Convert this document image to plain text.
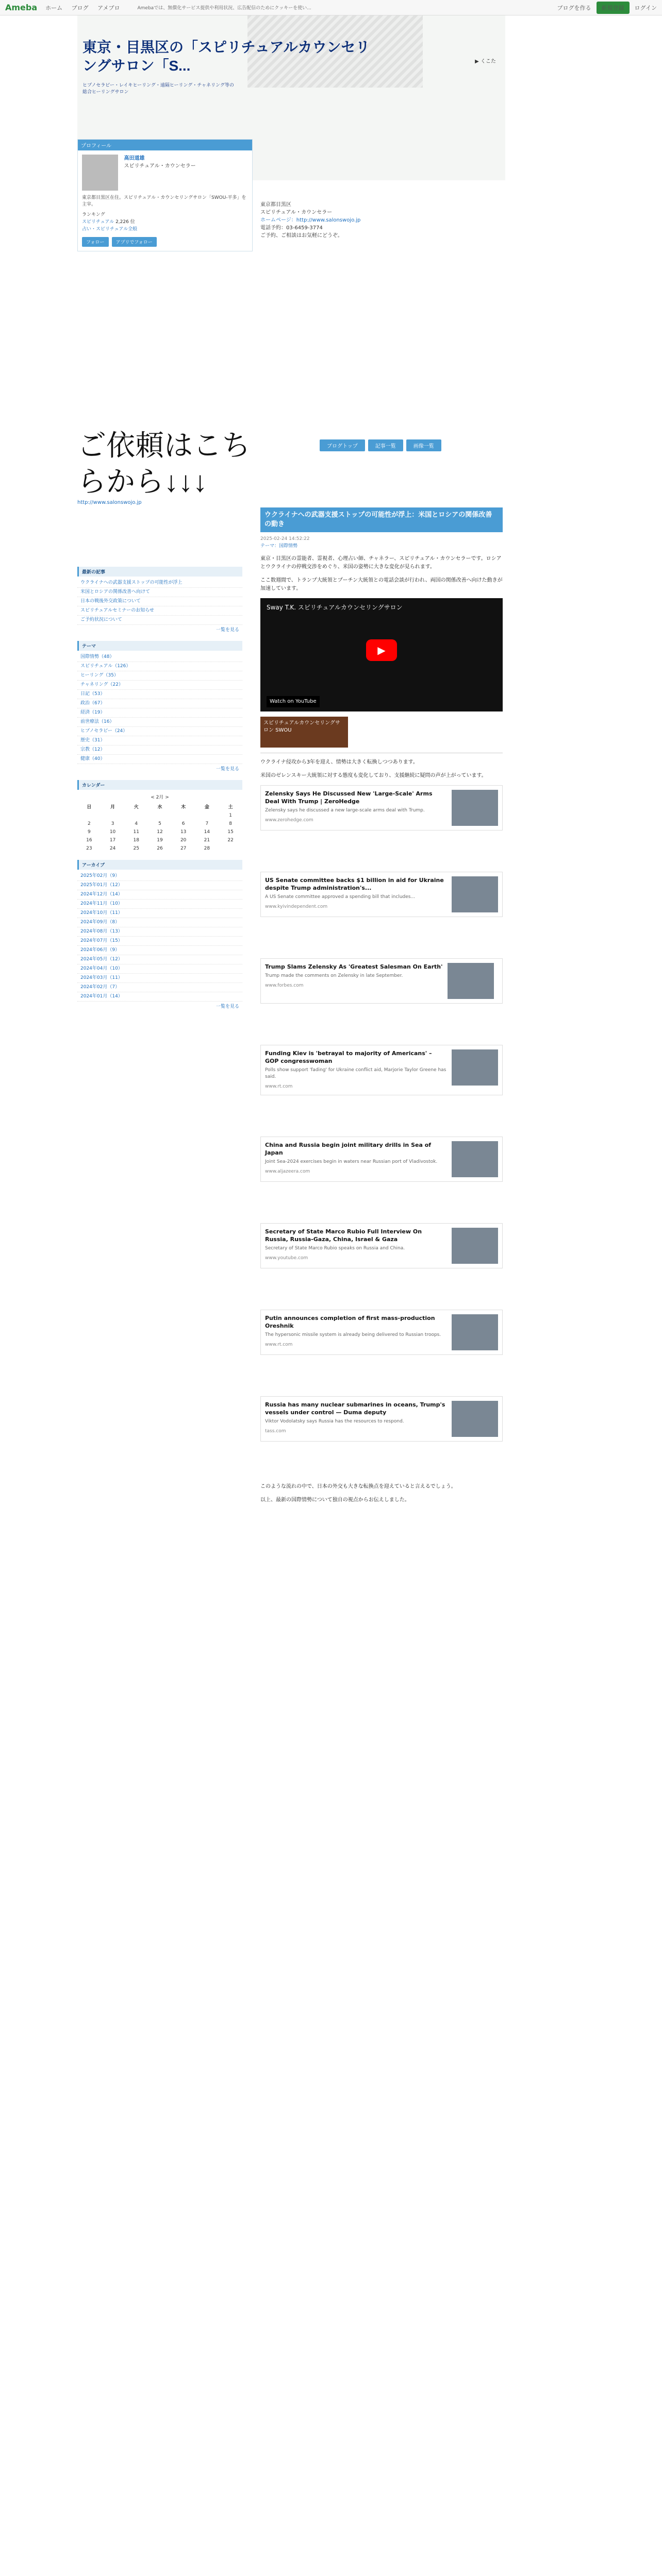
Ameba ホーム ブログ アメブロ	Amebaでは、無償化サービス提供や利用状況、広告配信のためにクッキーを使い...	ブログを作る	新規登録	ログイン
東京・目黒区の「スピリチュアルカウンセリングサロン「S...
ヒプノセラピー・レイキヒーリング・遠隔ヒーリング・チャネリング等の総合ヒーリングサロン
▶ くこた
プロフィール

高田道雄
スピリチュアル・カウンセラー
東京都目黒区在住。スピリチュアル・カウンセリングサロン「SWOU-平多」を主宰。
ランキング
スピリチュアル 2,226 位
占い・スピリチュアル全般
フォロー	アプリでフォロー
東京都目黒区
スピリチュアル・カウンセラー
ホームページ：http://www.salonswojo.jp
電話予約：03-6459-3774
ご予約、ご相談はお気軽にどうぞ。
ご依頼はこちらから↓↓↓
http://www.salonswojo.jp
ブログトップ	記事一覧	画像一覧
最新の記事
ウクライナへの武器支援ストップの可能性が浮上
米国とロシアの関係改善へ向けて
日本の戦後外交政策について
スピリチュアルセミナーのお知らせ
ご予約状況について
一覧を見る
テーマ
国際情勢（48）
スピリチュアル（126）
ヒーリング（35）
チャネリング（22）
日記（53）
政治（67）
経済（19）
前世療法（16）
ヒプノセラピー（24）
歴史（31）
宗教（12）
健康（40）
一覧を見る
カレンダー
< 2月 >
日	月	火	水	木	金	土
						1
2	3	4	5	6	7	8
9	10	11	12	13	14	15
16	17	18	19	20	21	22
23	24	25	26	27	28	
アーカイブ
2025年02月（9）
2025年01月（12）
2024年12月（14）
2024年11月（10）
2024年10月（11）
2024年09月（8）
2024年08月（13）
2024年07月（15）
2024年06月（9）
2024年05月（12）
2024年04月（10）
2024年03月（11）
2024年02月（7）
2024年01月（14）
一覧を見る
ウクライナへの武器支援ストップの可能性が浮上：米国とロシアの関係改善の動き
2025-02-24 14:52:22
テーマ：国際情勢

東京・目黒区の霊能者、霊視者、心理占い師、チャネラー、スピリチュアル・カウンセラーです。ロシアとウクライナの停戦交渉をめぐり、米国の姿勢に大きな変化が見られます。

ここ数週間で、トランプ大統領とプーチン大統領との電話会談が行われ、両国の関係改善へ向けた動きが加速しています。

Sway T.K. スピリチュアルカウンセリングサロン
▶
Watch on YouTube
スピリチュアルカウンセリングサロン SWOU

ウクライナ侵攻から3年を迎え、情勢は大きく転換しつつあります。

米国のゼレンスキー大統領に対する態度も変化しており、支援継続に疑問の声が上がっています。

Zelensky Says He Discussed New 'Large-Scale' Arms Deal With Trump | ZeroHedge
Zelensky says he discussed a new large-scale arms deal with Trump.
www.zerohedge.com

US Senate committee backs $1 billion in aid for Ukraine despite Trump administration's...
A US Senate committee approved a spending bill that includes...
www.kyivindependent.com

Trump Slams Zelensky As 'Greatest Salesman On Earth'
Trump made the comments on Zelensky in late September.
www.forbes.com

Funding Kiev is 'betrayal to majority of Americans' – GOP congresswoman
Polls show support 'fading' for Ukraine conflict aid, Marjorie Taylor Greene has said.
www.rt.com

China and Russia begin joint military drills in Sea of Japan
Joint Sea-2024 exercises begin in waters near Russian port of Vladivostok.
www.aljazeera.com

Secretary of State Marco Rubio Full Interview On Russia, Russia-Gaza, China, Israel & Gaza
Secretary of State Marco Rubio speaks on Russia and China.
www.youtube.com

Putin announces completion of first mass-production Oreshnik
The hypersonic missile system is already being delivered to Russian troops.
www.rt.com

Russia has many nuclear submarines in oceans, Trump's vessels under control — Duma deputy
Viktor Vodolatsky says Russia has the resources to respond.
tass.com

このような流れの中で、日本の外交も大きな転換点を迎えていると言えるでしょう。

以上、最新の国際情勢について独自の視点からお伝えしました。
